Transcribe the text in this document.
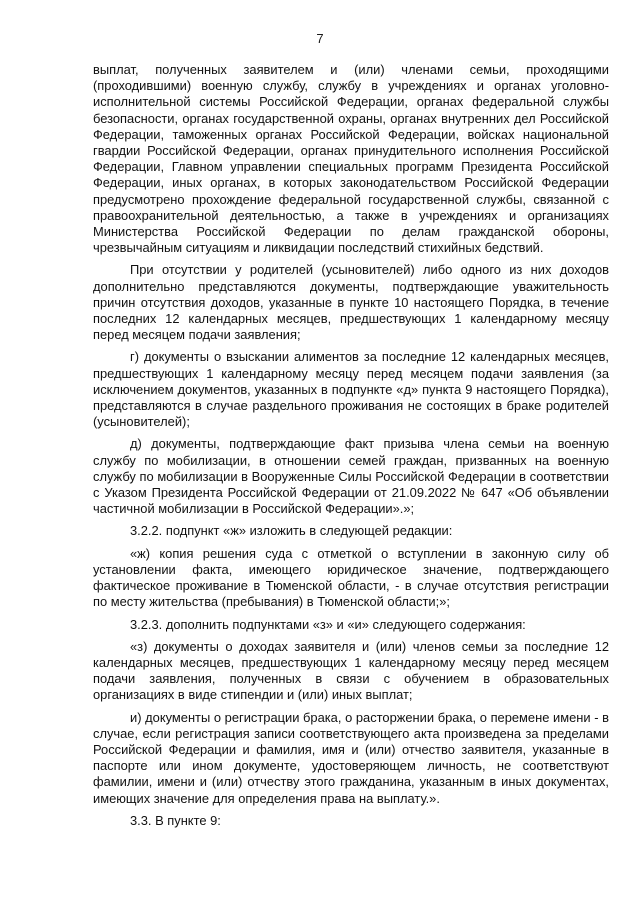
7

выплат, полученных заявителем и (или) членами семьи, проходящими (проходившими) военную службу, службу в учреждениях и органах уголовно-исполнительной системы Российской Федерации, органах федеральной службы безопасности, органах государственной охраны, органах внутренних дел Российской Федерации, таможенных органах Российской Федерации, войсках национальной гвардии Российской Федерации, органах принудительного исполнения Российской Федерации, Главном управлении специальных программ Президента Российской Федерации, иных органах, в которых законодательством Российской Федерации предусмотрено прохождение федеральной государственной службы, связанной с правоохранительной деятельностью, а также в учреждениях и организациях Министерства Российской Федерации по делам гражданской обороны, чрезвычайным ситуациям и ликвидации последствий стихийных бедствий.

При отсутствии у родителей (усыновителей) либо одного из них доходов дополнительно представляются документы, подтверждающие уважительность причин отсутствия доходов, указанные в пункте 10 настоящего Порядка, в течение последних 12 календарных месяцев, предшествующих 1 календарному месяцу перед месяцем подачи заявления;

г) документы о взыскании алиментов за последние 12 календарных месяцев, предшествующих 1 календарному месяцу перед месяцем подачи заявления (за исключением документов, указанных в подпункте «д» пункта 9 настоящего Порядка), представляются в случае раздельного проживания не состоящих в браке родителей (усыновителей);

д) документы, подтверждающие факт призыва члена семьи на военную службу по мобилизации, в отношении семей граждан, призванных на военную службу по мобилизации в Вооруженные Силы Российской Федерации в соответствии с Указом Президента Российской Федерации от 21.09.2022 № 647 «Об объявлении частичной мобилизации в Российской Федерации».»;

3.2.2. подпункт «ж» изложить в следующей редакции:

«ж) копия решения суда с отметкой о вступлении в законную силу об установлении факта, имеющего юридическое значение, подтверждающего фактическое проживание в Тюменской области, - в случае отсутствия регистрации по месту жительства (пребывания) в Тюменской области;»;

3.2.3. дополнить подпунктами «з» и «и» следующего содержания:

«з) документы о доходах заявителя и (или) членов семьи за последние 12 календарных месяцев, предшествующих 1 календарному месяцу перед месяцем подачи заявления, полученных в связи с обучением в образовательных организациях в виде стипендии и (или) иных выплат;

и) документы о регистрации брака, о расторжении брака, о перемене имени - в случае, если регистрация записи соответствующего акта произведена за пределами Российской Федерации и фамилия, имя и (или) отчество заявителя, указанные в паспорте или ином документе, удостоверяющем личность, не соответствуют фамилии, имени и (или) отчеству этого гражданина, указанным в иных документах, имеющих значение для определения права на выплату.».

3.3. В пункте 9:
